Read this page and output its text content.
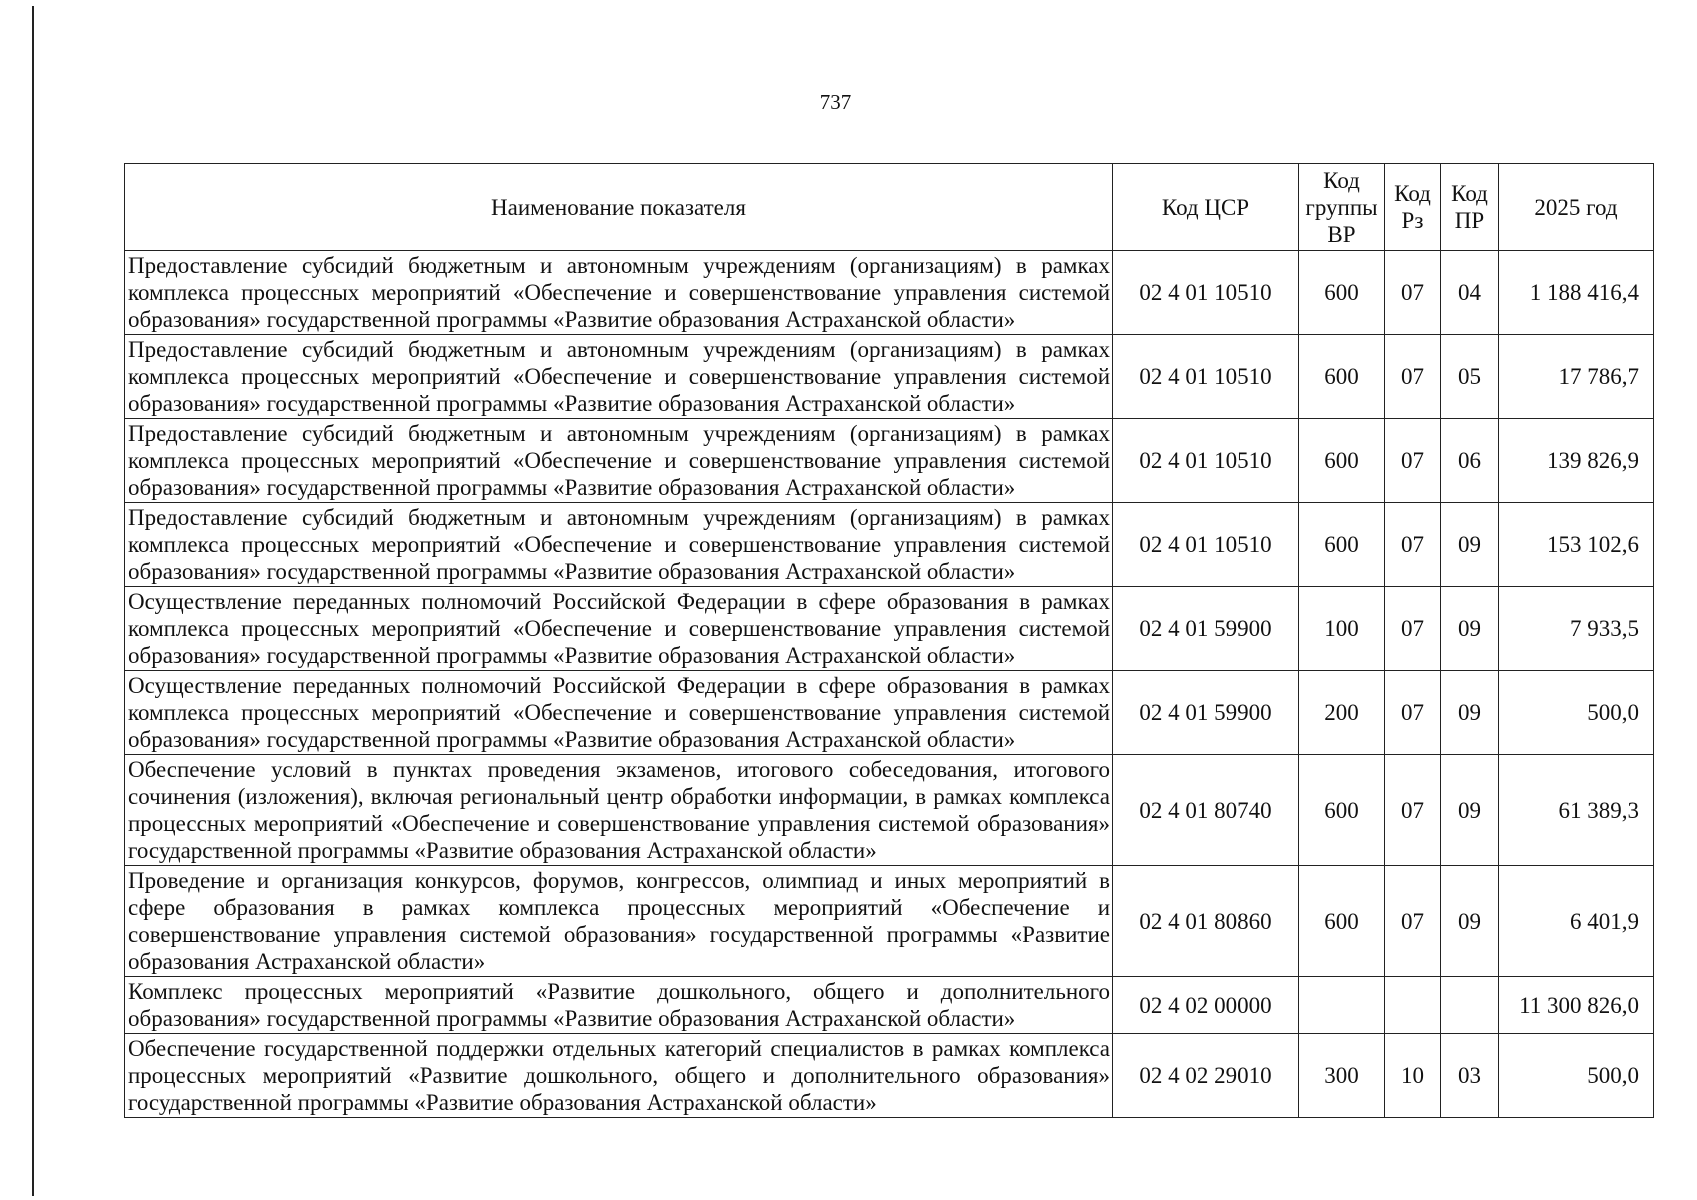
737
Наименование показателя	Код ЦСР	Код группы ВР	Код Рз	Код ПР	2025 год
Предоставление субсидий бюджетным и автономным учреждениям (организациям) в рамках комплекса процессных мероприятий «Обеспечение и совершенствование управления системой образования» государственной программы «Развитие образования Астраханской области»	02 4 01 10510	600	07	04	1 188 416,4
Предоставление субсидий бюджетным и автономным учреждениям (организациям) в рамках комплекса процессных мероприятий «Обеспечение и совершенствование управления системой образования» государственной программы «Развитие образования Астраханской области»	02 4 01 10510	600	07	05	17 786,7
Предоставление субсидий бюджетным и автономным учреждениям (организациям) в рамках комплекса процессных мероприятий «Обеспечение и совершенствование управления системой образования» государственной программы «Развитие образования Астраханской области»	02 4 01 10510	600	07	06	139 826,9
Предоставление субсидий бюджетным и автономным учреждениям (организациям) в рамках комплекса процессных мероприятий «Обеспечение и совершенствование управления системой образования» государственной программы «Развитие образования Астраханской области»	02 4 01 10510	600	07	09	153 102,6
Осуществление переданных полномочий Российской Федерации в сфере образования в рамках комплекса процессных мероприятий «Обеспечение и совершенствование управления системой образования» государственной программы «Развитие образования Астраханской области»	02 4 01 59900	100	07	09	7 933,5
Осуществление переданных полномочий Российской Федерации в сфере образования в рамках комплекса процессных мероприятий «Обеспечение и совершенствование управления системой образования» государственной программы «Развитие образования Астраханской области»	02 4 01 59900	200	07	09	500,0
Обеспечение условий в пунктах проведения экзаменов, итогового собеседования, итогового сочинения (изложения), включая региональный центр обработки информации, в рамках комплекса процессных мероприятий «Обеспечение и совершенствование управления системой образования» государственной программы «Развитие образования Астраханской области»	02 4 01 80740	600	07	09	61 389,3
Проведение и организация конкурсов, форумов, конгрессов, олимпиад и иных мероприятий в сфере образования в рамках комплекса процессных мероприятий «Обеспечение и совершенствование управления системой образования» государственной программы «Развитие образования Астраханской области»	02 4 01 80860	600	07	09	6 401,9
Комплекс процессных мероприятий «Развитие дошкольного, общего и дополнительного образования» государственной программы «Развитие образования Астраханской области»	02 4 02 00000				11 300 826,0
Обеспечение государственной поддержки отдельных категорий специалистов в рамках комплекса процессных мероприятий «Развитие дошкольного, общего и дополнительного образования» государственной программы «Развитие образования Астраханской области»	02 4 02 29010	300	10	03	500,0
